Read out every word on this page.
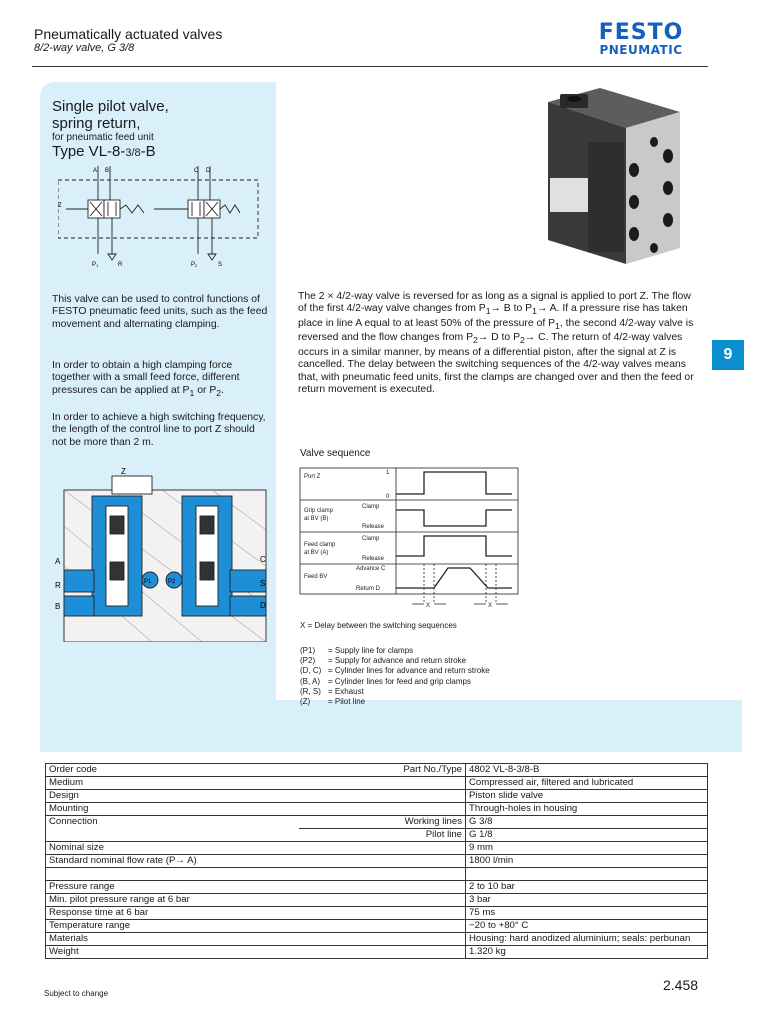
Pneumatically actuated valves
8/2-way valve, G 3/8
FESTO
PNEUMATIC
Single pilot valve,
spring return,
for pneumatic feed unit
Type VL-8-3/8-B
A B	C D
Z
P1	R	P2	S
This valve can be used to control functions of FESTO pneumatic feed units, such as the feed movement and alternating clamping.
In order to obtain a high clamping force together with a small feed force, different pressures can be applied at $P_1$ or $P_2$.
In order to achieve a high switching frequency, the length of the control line to port Z should not be more than 2 m.
The 2 × 4/2-way valve is reversed for as long as a signal is applied to port Z. The flow of the first 4/2-way valve changes from $P_1\to B$ to $P_1\to A$. If a pressure rise has taken place in line A equal to at least 50% of the pressure of $P_1$, the second 4/2-way valve is reversed and the flow changes from $P_2\to D$ to $P_2\to C$. The return of 4/2-way valves occurs in a similar manner, by means of a differential piston, after the signal at Z is cancelled. The delay between the switching sequences of the 4/2-way valves means that, with pneumatic feed units, first the clamps are changed over and then the feed or return movement is executed.
9
Z
A
R
B
C
S
D
P1	P2
Valve sequence
Port Z
1
0
Grip clamp
at BV (B)
Clamp
Release
Feed clamp
at BV (A)
Clamp
Release
Feed BV
Advance C
Return D
X	X
X = Delay between the switching sequences
(P1) = Supply line for clamps
(P2) = Supply for advance and return stroke
(D, C) = Cylinder lines for advance and return stroke
(B, A) = Cylinder lines for feed and grip clamps
(R, S) = Exhaust
(Z) = Pilot line
Order code	Part No./Type	4802 VL-8-3/8-B
Medium		Compressed air, filtered and lubricated
Design		Piston slide valve
Mounting		Through-holes in housing
Connection	Working lines	G 3/8
	Pilot line	G 1/8
Nominal size		9 mm
Standard nominal flow rate (P→ A)		1800 l/min

Pressure range		2 to 10 bar
Min. pilot pressure range at 6 bar		3 bar
Response time at 6 bar		75 ms
Temperature range		−20 to +80° C
Materials		Housing: hard anodized aluminium; seals: perbunan
Weight		1.320 kg
Subject to change
2.458
